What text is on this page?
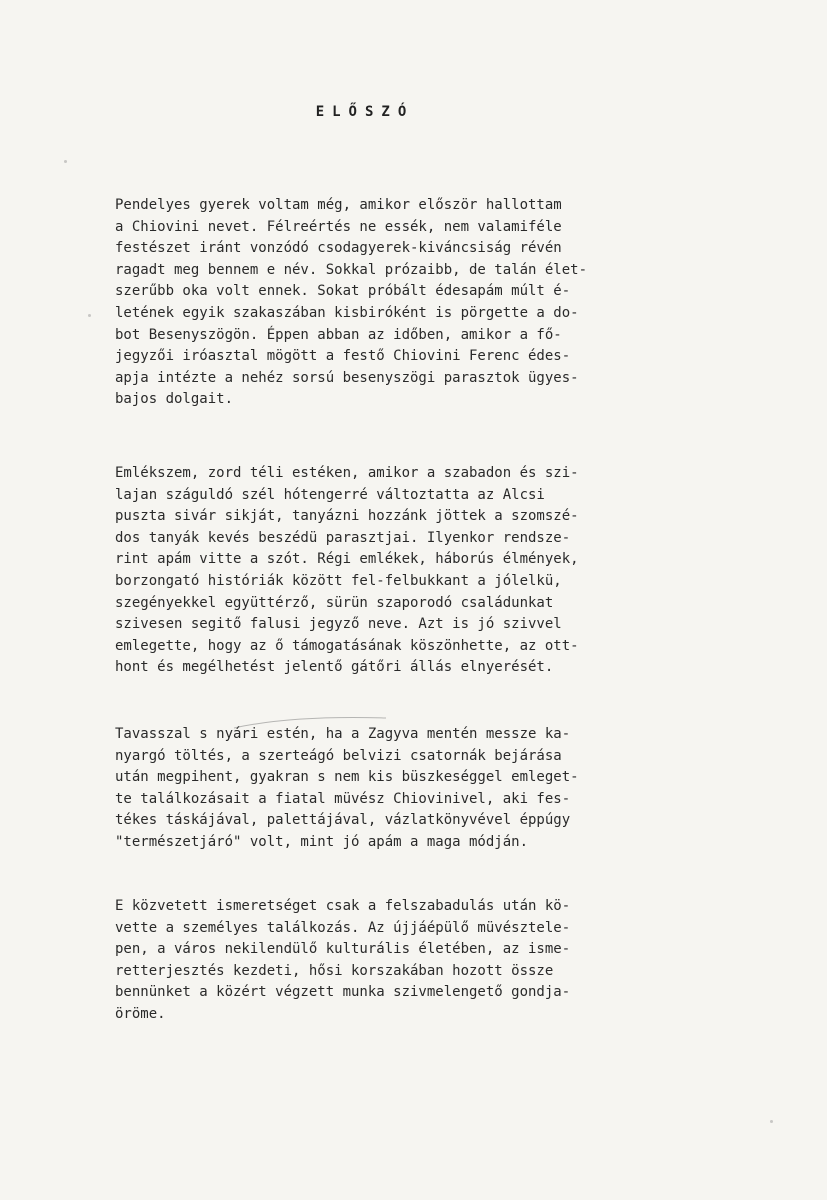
ELŐSZÓ
Pendelyes gyerek voltam még, amikor először hallottam
a Chiovini nevet. Félreértés ne essék, nem valamiféle
festészet iránt vonzódó csodagyerek-kiváncsiság révén
ragadt meg bennem e név. Sokkal prózaibb, de talán élet-
szerűbb oka volt ennek. Sokat próbált édesapám múlt é-
letének egyik szakaszában kisbiróként is pörgette a do-
bot Besenyszögön. Éppen abban az időben, amikor a fő-
jegyzői iróasztal mögött a festő Chiovini Ferenc édes-
apja intézte a nehéz sorsú besenyszögi parasztok ügyes-
bajos dolgait.
Emlékszem, zord téli estéken, amikor a szabadon és szi-
lajan száguldó szél hótengerré változtatta az Alcsi
puszta sivár sikját, tanyázni hozzánk jöttek a szomszé-
dos tanyák kevés beszédü parasztjai. Ilyenkor rendsze-
rint apám vitte a szót. Régi emlékek, háborús élmények,
borzongató históriák között fel-felbukkant a jólelkü,
szegényekkel együttérző, sürün szaporodó családunkat
szivesen segitő falusi jegyző neve. Azt is jó szivvel
emlegette, hogy az ő támogatásának köszönhette, az ott-
hont és megélhetést jelentő gátőri állás elnyerését.
Tavasszal s nyári estén, ha a Zagyva mentén messze ka-
nyargó töltés, a szerteágó belvizi csatornák bejárása
után megpihent, gyakran s nem kis büszkeséggel emleget-
te találkozásait a fiatal müvész Chiovinivel, aki fes-
tékes táskájával, palettájával, vázlatkönyvével éppúgy
"természetjáró" volt, mint jó apám a maga módján.
E közvetett ismeretséget csak a felszabadulás után kö-
vette a személyes találkozás. Az újjáépülő müvésztele-
pen, a város nekilendülő kulturális életében, az isme-
retterjesztés kezdeti, hősi korszakában hozott össze
bennünket a közért végzett munka szivmelengető gondja-
öröme.
